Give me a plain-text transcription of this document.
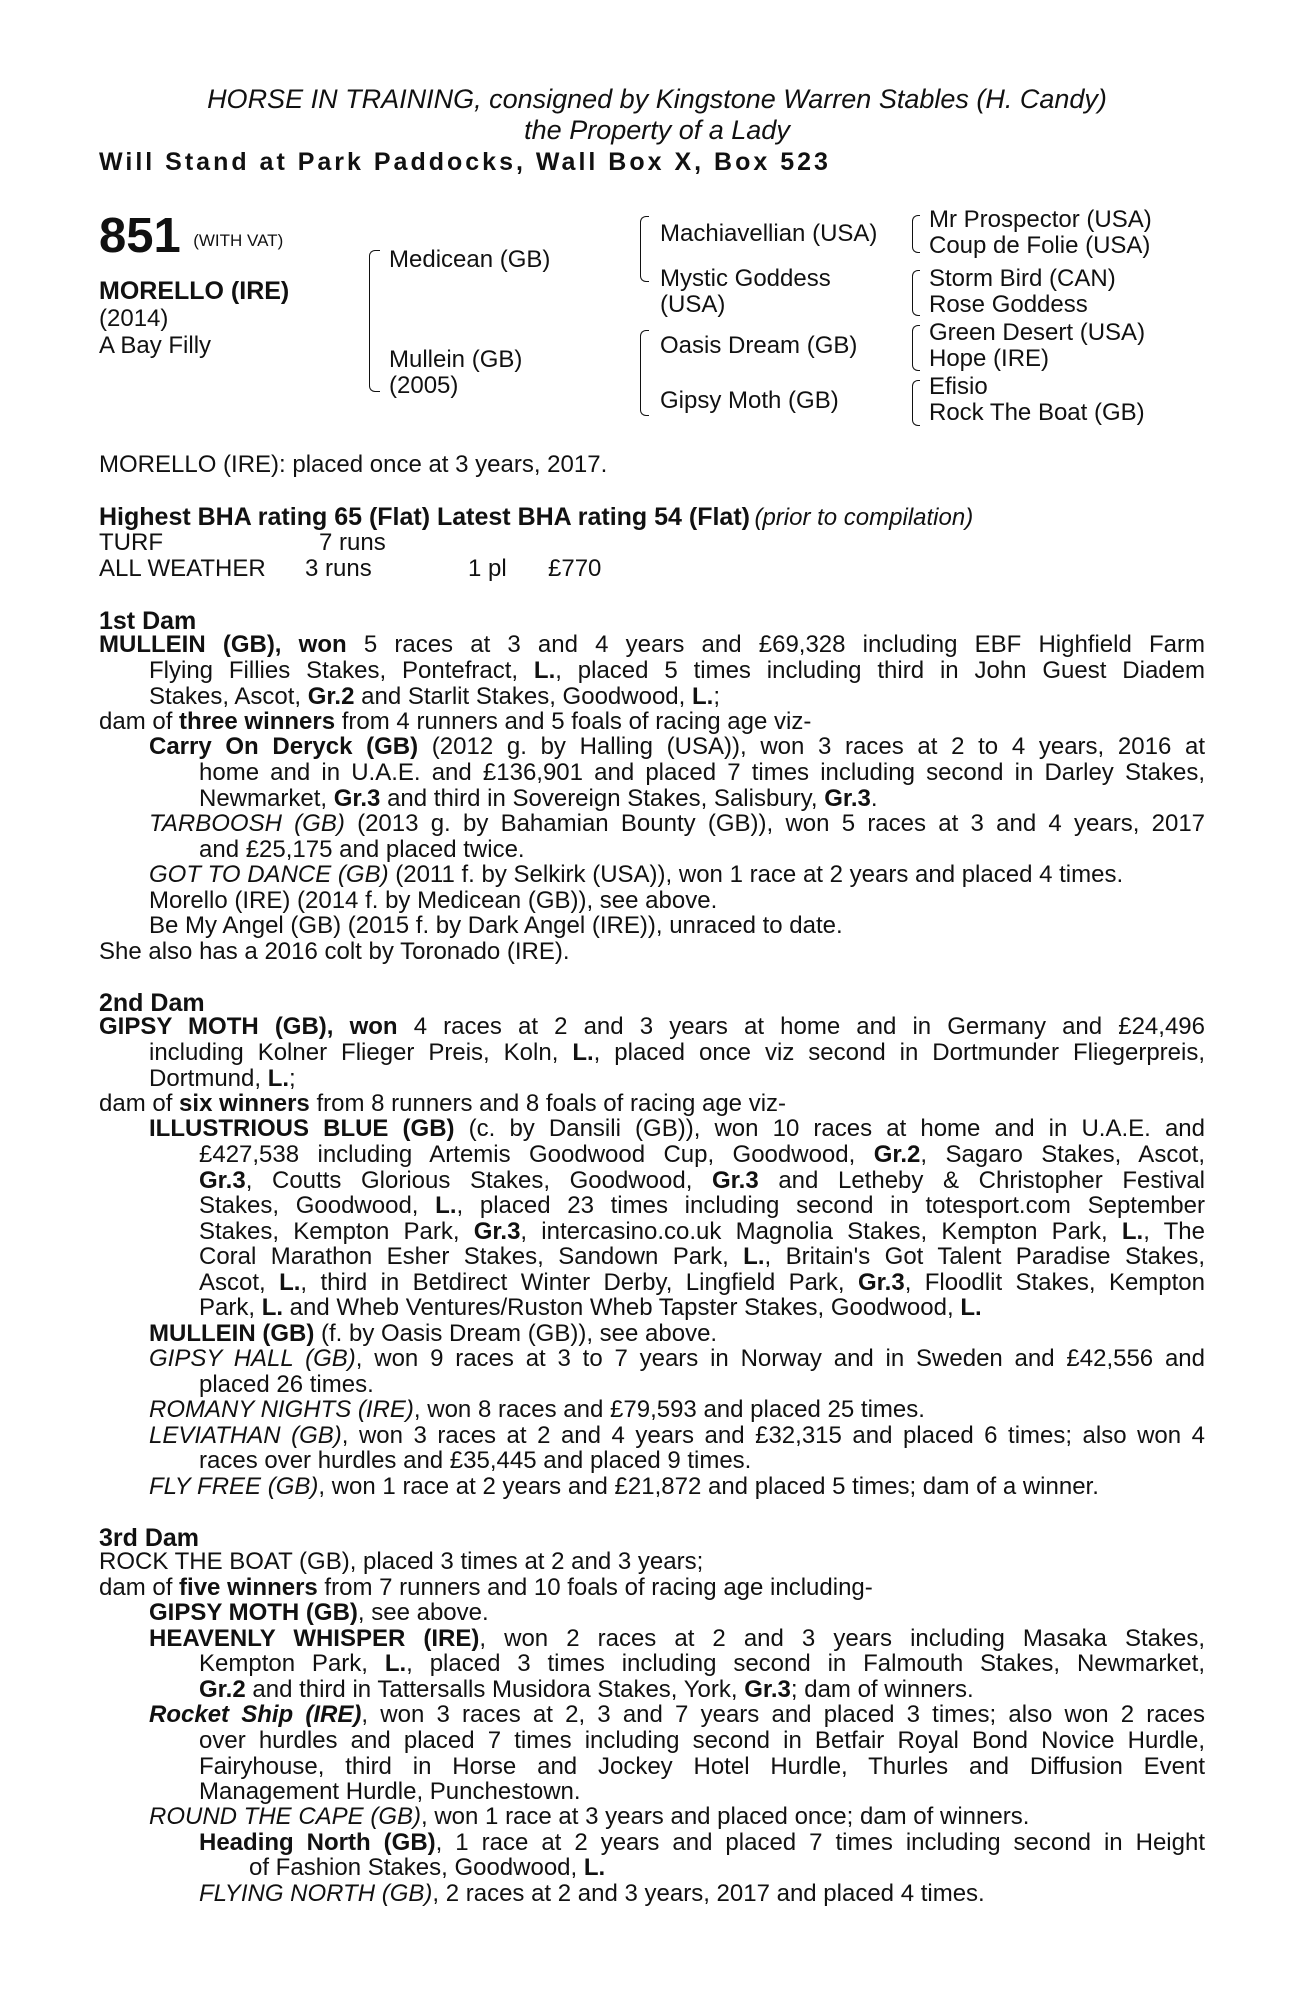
HORSE IN TRAINING, consigned by Kingstone Warren Stables (H. Candy)
the Property of a Lady
Will Stand at Park Paddocks, Wall Box X, Box 523
851 (WITH VAT)
MORELLO (IRE)
(2014)
A Bay Filly
Medicean (GB)
Mullein (GB)
(2005)
Machiavellian (USA)
Mystic Goddess
(USA)
Oasis Dream (GB)
Gipsy Moth (GB)
Mr Prospector (USA)
Coup de Folie (USA)
Storm Bird (CAN)
Rose Goddess
Green Desert (USA)
Hope (IRE)
Efisio
Rock The Boat (GB)
MORELLO (IRE): placed once at 3 years, 2017.
Highest BHA rating 65 (Flat) Latest BHA rating 54 (Flat) (prior to compilation)
TURF	7 runs
ALL WEATHER 3 runs	1 pl £770
1st Dam
MULLEIN (GB), won 5 races at 3 and 4 years and £69,328 including EBF Highfield Farm
Flying Fillies Stakes, Pontefract, L., placed 5 times including third in John Guest Diadem
Stakes, Ascot, Gr.2 and Starlit Stakes, Goodwood, L.;
dam of three winners from 4 runners and 5 foals of racing age viz-
Carry On Deryck (GB) (2012 g. by Halling (USA)), won 3 races at 2 to 4 years, 2016 at
home and in U.A.E. and £136,901 and placed 7 times including second in Darley Stakes,
Newmarket, Gr.3 and third in Sovereign Stakes, Salisbury, Gr.3.
TARBOOSH (GB) (2013 g. by Bahamian Bounty (GB)), won 5 races at 3 and 4 years, 2017
and £25,175 and placed twice.
GOT TO DANCE (GB) (2011 f. by Selkirk (USA)), won 1 race at 2 years and placed 4 times.
Morello (IRE) (2014 f. by Medicean (GB)), see above.
Be My Angel (GB) (2015 f. by Dark Angel (IRE)), unraced to date.
She also has a 2016 colt by Toronado (IRE).
2nd Dam
GIPSY MOTH (GB), won 4 races at 2 and 3 years at home and in Germany and £24,496
including Kolner Flieger Preis, Koln, L., placed once viz second in Dortmunder Fliegerpreis,
Dortmund, L.;
dam of six winners from 8 runners and 8 foals of racing age viz-
ILLUSTRIOUS BLUE (GB) (c. by Dansili (GB)), won 10 races at home and in U.A.E. and
£427,538 including Artemis Goodwood Cup, Goodwood, Gr.2, Sagaro Stakes, Ascot,
Gr.3, Coutts Glorious Stakes, Goodwood, Gr.3 and Letheby & Christopher Festival
Stakes, Goodwood, L., placed 23 times including second in totesport.com September
Stakes, Kempton Park, Gr.3, intercasino.co.uk Magnolia Stakes, Kempton Park, L., The
Coral Marathon Esher Stakes, Sandown Park, L., Britain's Got Talent Paradise Stakes,
Ascot, L., third in Betdirect Winter Derby, Lingfield Park, Gr.3, Floodlit Stakes, Kempton
Park, L. and Wheb Ventures/Ruston Wheb Tapster Stakes, Goodwood, L.
MULLEIN (GB) (f. by Oasis Dream (GB)), see above.
GIPSY HALL (GB), won 9 races at 3 to 7 years in Norway and in Sweden and £42,556 and
placed 26 times.
ROMANY NIGHTS (IRE), won 8 races and £79,593 and placed 25 times.
LEVIATHAN (GB), won 3 races at 2 and 4 years and £32,315 and placed 6 times; also won 4
races over hurdles and £35,445 and placed 9 times.
FLY FREE (GB), won 1 race at 2 years and £21,872 and placed 5 times; dam of a winner.
3rd Dam
ROCK THE BOAT (GB), placed 3 times at 2 and 3 years;
dam of five winners from 7 runners and 10 foals of racing age including-
GIPSY MOTH (GB), see above.
HEAVENLY WHISPER (IRE), won 2 races at 2 and 3 years including Masaka Stakes,
Kempton Park, L., placed 3 times including second in Falmouth Stakes, Newmarket,
Gr.2 and third in Tattersalls Musidora Stakes, York, Gr.3; dam of winners.
Rocket Ship (IRE), won 3 races at 2, 3 and 7 years and placed 3 times; also won 2 races
over hurdles and placed 7 times including second in Betfair Royal Bond Novice Hurdle,
Fairyhouse, third in Horse and Jockey Hotel Hurdle, Thurles and Diffusion Event
Management Hurdle, Punchestown.
ROUND THE CAPE (GB), won 1 race at 3 years and placed once; dam of winners.
Heading North (GB), 1 race at 2 years and placed 7 times including second in Height
of Fashion Stakes, Goodwood, L.
FLYING NORTH (GB), 2 races at 2 and 3 years, 2017 and placed 4 times.
